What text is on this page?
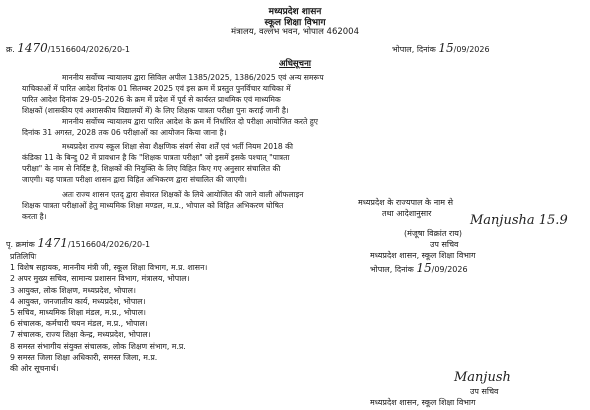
मध्यप्रदेश शासन
स्कूल शिक्षा विभाग
मंत्रालय, वल्लभ भवन, भोपाल 462004
क्र. 1470/1516604/2026/20-1	भोपाल, दिनांक 15/09/2026
अधिसूचना
माननीय सर्वोच्च न्यायालय द्वारा सिविल अपील 1385/2025, 1386/2025 एवं अन्य समरूप
याचिकाओं में पारित आदेश दिनांक 01 सितम्बर 2025 एवं इस क्रम में प्रस्तुत पुनर्विचार याचिका में
पारित आदेश दिनांक 29-05-2026 के क्रम में प्रदेश में पूर्व से कार्यरत प्राथमिक एवं माध्यमिक
शिक्षकों (शासकीय एवं अशासकीय विद्यालयों में) के लिए शिक्षक पात्रता परीक्षा पुनः कराई जानी है।
माननीय सर्वोच्च न्यायालय द्वारा पारित आदेश के क्रम में निर्धारित दो परीक्षा आयोजित करते हुए
दिनांक 31 अगस्त, 2028 तक 06 परीक्षाओं का आयोजन किया जाना है।
मध्यप्रदेश राज्य स्कूल शिक्षा सेवा शैक्षणिक संवर्ग सेवा शर्तें एवं भर्ती नियम 2018 की
कंडिका 11 के बिन्दु 02 में प्रावधान है कि "शिक्षक पात्रता परीक्षा" जो इसमें इसके पश्चात् "पात्रता
परीक्षा" के नाम से निर्दिष्ट है, शिक्षकों की नियुक्ति के लिए विहित किए गए अनुसार संचालित की
जाएगी। यह पात्रता परीक्षा शासन द्वारा विहित अभिकरण द्वारा संचालित की जाएगी।
अतः राज्य शासन एतद् द्वारा सेवारत शिक्षकों के लिये आयोजित की जाने वाली ऑफलाइन
शिक्षक पात्रता परीक्षाओं हेतु माध्यमिक शिक्षा मण्डल, म.प्र., भोपाल को विहित अभिकरण घोषित
करता है।
मध्यप्रदेश के राज्यपाल के नाम से
तथा आदेशानुसार	Manjusha 15.9
(मंजूषा विक्रांत राय)
उप सचिव
मध्यप्रदेश शासन, स्कूल शिक्षा विभाग
पृ. क्रमांक 1471/1516604/2026/20-1
भोपाल, दिनांक 15/09/2026
प्रतिलिपिः
1 विशेष सहायक, माननीय मंत्री जी, स्कूल शिक्षा विभाग, म.प्र. शासन।
2 अपर मुख्य सचिव, सामान्य प्रशासन विभाग, मंत्रालय, भोपाल।
3 आयुक्त, लोक शिक्षण, मध्यप्रदेश, भोपाल।
4 आयुक्त, जनजातीय कार्य, मध्यप्रदेश, भोपाल।
5 सचिव, माध्यमिक शिक्षा मंडल, म.प्र., भोपाल।
6 संचालक, कर्मचारी चयन मंडल, म.प्र., भोपाल।
7 संचालक, राज्य शिक्षा केन्द्र, मध्यप्रदेश, भोपाल।
8 समस्त संभागीय संयुक्त संचालक, लोक शिक्षण संभाग, म.प्र.
9 समस्त जिला शिक्षा अधिकारी, समस्त जिला, म.प्र.
की ओर सूचनार्थ।
Manjush
उप सचिव
मध्यप्रदेश शासन, स्कूल शिक्षा विभाग
